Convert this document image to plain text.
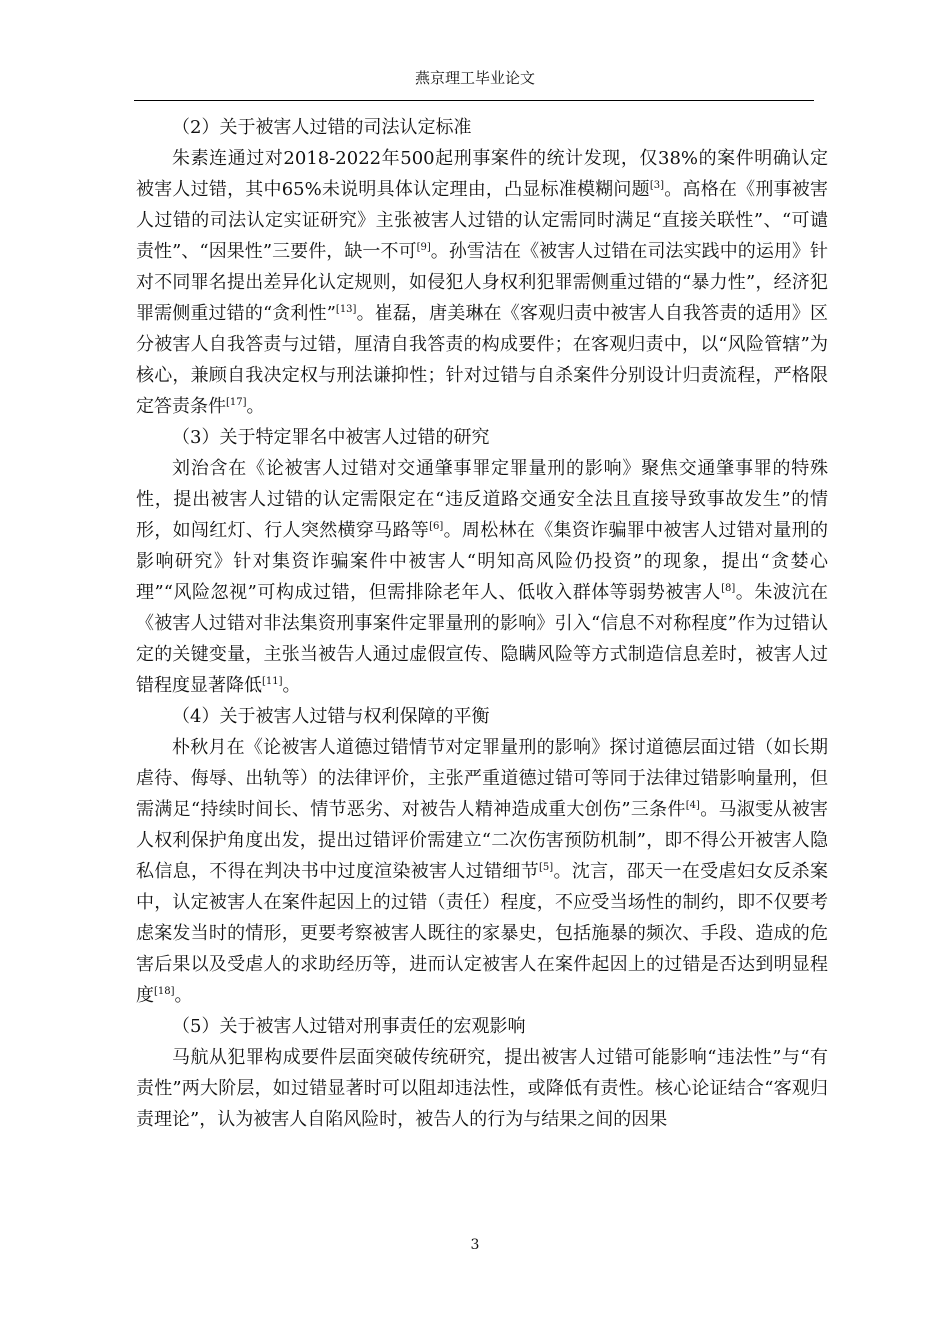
燕京理工毕业论文

（2）关于被害人过错的司法认定标准

朱素连通过对2018-2022年500起刑事案件的统计发现，仅38%的案件明确认定被害人过错，其中65%未说明具体认定理由，凸显标准模糊问题[3]。高格在《刑事被害人过错的司法认定实证研究》主张被害人过错的认定需同时满足“直接关联性”、“可谴责性”、“因果性”三要件，缺一不可[9]。孙雪洁在《被害人过错在司法实践中的运用》针对不同罪名提出差异化认定规则，如侵犯人身权利犯罪需侧重过错的“暴力性”，经济犯罪需侧重过错的“贪利性”[13]。崔磊，唐美琳在《客观归责中被害人自我答责的适用》区分被害人自我答责与过错，厘清自我答责的构成要件；在客观归责中，以“风险管辖”为核心，兼顾自我决定权与刑法谦抑性；针对过错与自杀案件分别设计归责流程，严格限定答责条件[17]。

（3）关于特定罪名中被害人过错的研究

刘治含在《论被害人过错对交通肇事罪定罪量刑的影响》聚焦交通肇事罪的特殊性，提出被害人过错的认定需限定在“违反道路交通安全法且直接导致事故发生”的情形，如闯红灯、行人突然横穿马路等[6]。周松林在《集资诈骗罪中被害人过错对量刑的影响研究》针对集资诈骗案件中被害人“明知高风险仍投资”的现象，提出“贪婪心理”“风险忽视”可构成过错，但需排除老年人、低收入群体等弱势被害人[8]。朱波沆在《被害人过错对非法集资刑事案件定罪量刑的影响》引入“信息不对称程度”作为过错认定的关键变量，主张当被告人通过虚假宣传、隐瞒风险等方式制造信息差时，被害人过错程度显著降低[11]。

（4）关于被害人过错与权利保障的平衡

朴秋月在《论被害人道德过错情节对定罪量刑的影响》探讨道德层面过错（如长期虐待、侮辱、出轨等）的法律评价，主张严重道德过错可等同于法律过错影响量刑，但需满足“持续时间长、情节恶劣、对被告人精神造成重大创伤”三条件[4]。马淑雯从被害人权利保护角度出发，提出过错评价需建立“二次伤害预防机制”，即不得公开被害人隐私信息，不得在判决书中过度渲染被害人过错细节[5]。沈言，邵天一在受虐妇女反杀案中，认定被害人在案件起因上的过错（责任）程度，不应受当场性的制约，即不仅要考虑案发当时的情形，更要考察被害人既往的家暴史，包括施暴的频次、手段、造成的危害后果以及受虐人的求助经历等，进而认定被害人在案件起因上的过错是否达到明显程度[18]。

（5）关于被害人过错对刑事责任的宏观影响

马航从犯罪构成要件层面突破传统研究，提出被害人过错可能影响“违法性”与“有责性”两大阶层，如过错显著时可以阻却违法性，或降低有责性。核心论证结合“客观归责理论”，认为被害人自陷风险时，被告人的行为与结果之间的因果

3
